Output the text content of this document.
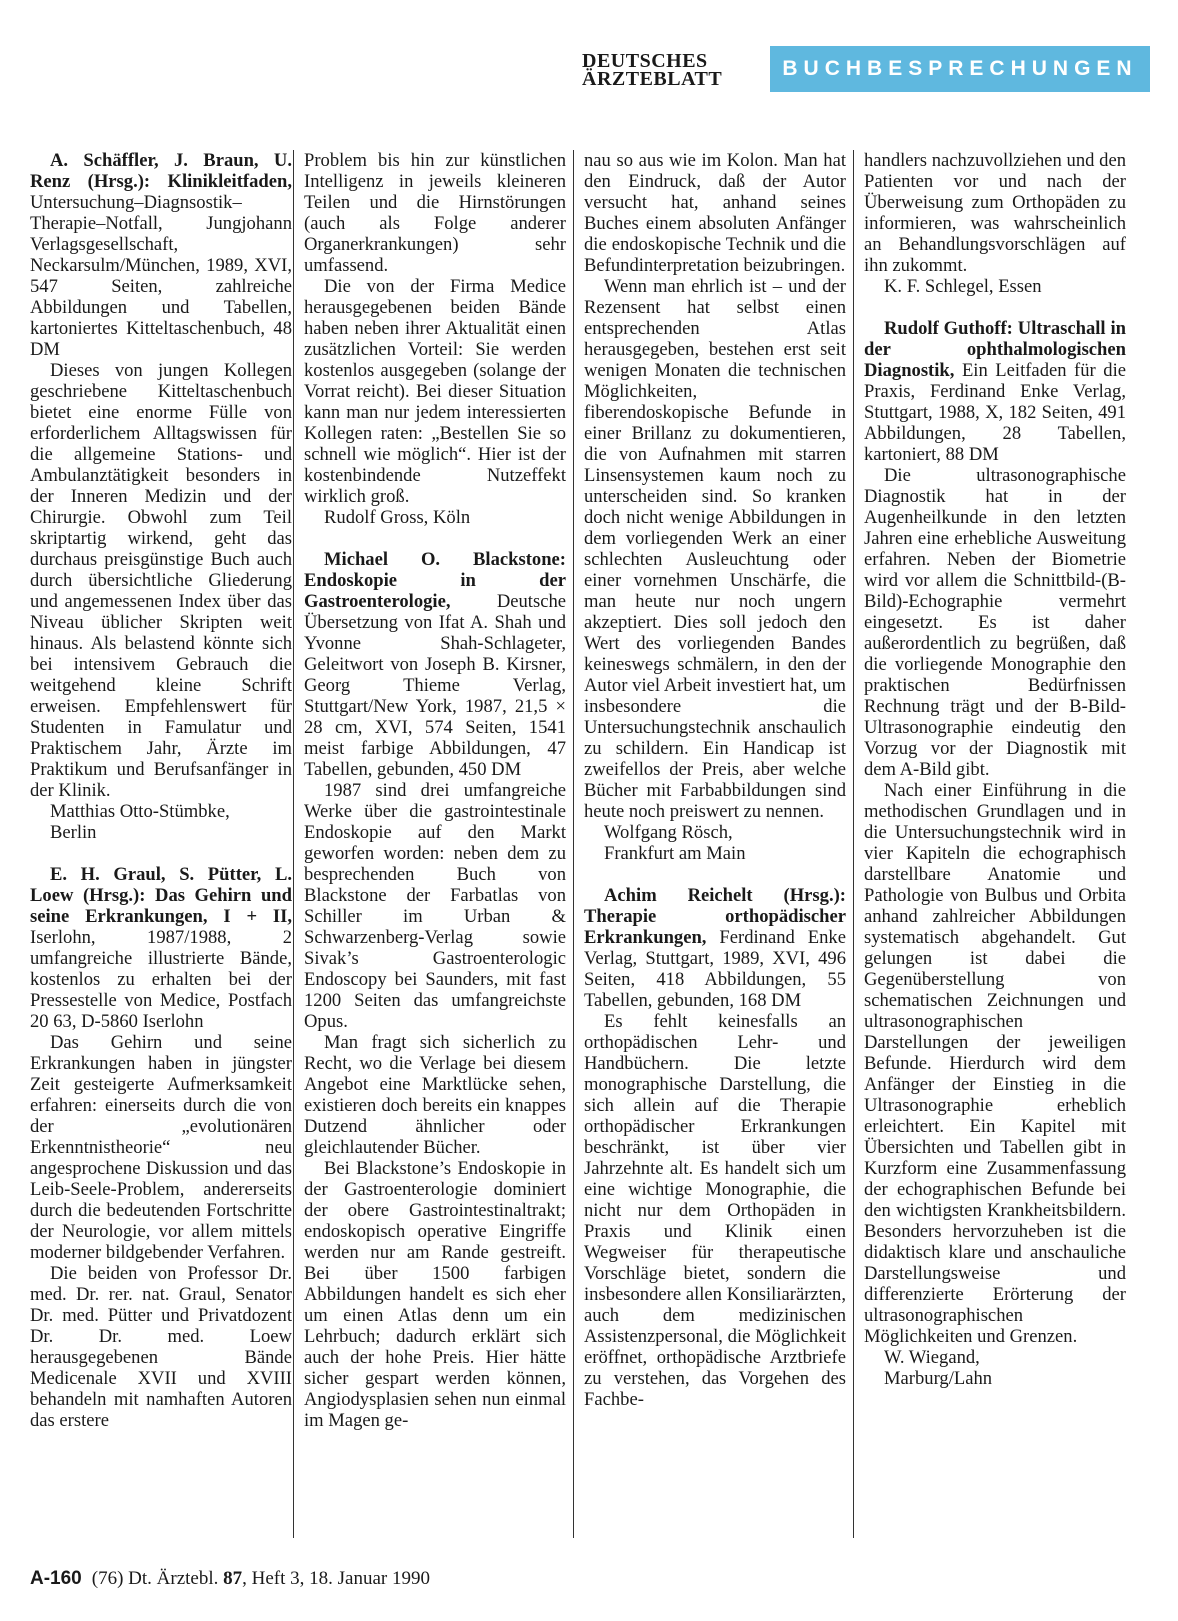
DEUTSCHES
ÄRZTEBLATT	BUCHBESPRECHUNGEN

A. Schäffler, J. Braun, U. Renz (Hrsg.): Klinikleitfaden, Untersuchung–Diagnsostik–Therapie–Notfall, Jungjohann Verlagsgesellschaft, Neckarsulm/München, 1989, XVI, 547 Seiten, zahlreiche Abbildungen und Tabellen, kartoniertes Kitteltaschenbuch, 48 DM

Dieses von jungen Kollegen geschriebene Kitteltaschenbuch bietet eine enorme Fülle von erforderlichem Alltagswissen für die allgemeine Stations- und Ambulanztätigkeit besonders in der Inneren Medizin und der Chirurgie. Obwohl zum Teil skriptartig wirkend, geht das durchaus preisgünstige Buch auch durch übersichtliche Gliederung und angemessenen Index über das Niveau üblicher Skripten weit hinaus. Als belastend könnte sich bei intensivem Gebrauch die weitgehend kleine Schrift erweisen. Empfehlenswert für Studenten in Famulatur und Praktischem Jahr, Ärzte im Praktikum und Berufsanfänger in der Klinik.

Matthias Otto-Stümbke,

Berlin

E. H. Graul, S. Pütter, L. Loew (Hrsg.): Das Gehirn und seine Erkrankungen, I + II, Iserlohn, 1987/1988, 2 umfangreiche illustrierte Bände, kostenlos zu erhalten bei der Pressestelle von Medice, Postfach 20 63, D-5860 Iserlohn

Das Gehirn und seine Erkrankungen haben in jüngster Zeit gesteigerte Aufmerksamkeit erfahren: einerseits durch die von der „evolutionären Erkenntnistheorie“ neu angesprochene Diskussion und das Leib-Seele-Problem, andererseits durch die bedeutenden Fortschritte der Neurologie, vor allem mittels moderner bildgebender Verfahren.

Die beiden von Professor Dr. med. Dr. rer. nat. Graul, Senator Dr. med. Pütter und Privatdozent Dr. Dr. med. Loew herausgegebenen Bände Medicenale XVII und XVIII behandeln mit namhaften Autoren das erstere

Problem bis hin zur künstlichen Intelligenz in jeweils kleineren Teilen und die Hirnstörungen (auch als Folge anderer Organerkrankungen) sehr umfassend.

Die von der Firma Medice herausgegebenen beiden Bände haben neben ihrer Aktualität einen zusätzlichen Vorteil: Sie werden kostenlos ausgegeben (solange der Vorrat reicht). Bei dieser Situation kann man nur jedem interessierten Kollegen raten: „Bestellen Sie so schnell wie möglich“. Hier ist der kostenbindende Nutzeffekt wirklich groß.

Rudolf Gross, Köln

Michael O. Blackstone: Endoskopie in der Gastroenterologie, Deutsche Übersetzung von Ifat A. Shah und Yvonne Shah-Schlageter, Geleitwort von Joseph B. Kirsner, Georg Thieme Verlag, Stuttgart/New York, 1987, 21,5 × 28 cm, XVI, 574 Seiten, 1541 meist farbige Abbildungen, 47 Tabellen, gebunden, 450 DM

1987 sind drei umfangreiche Werke über die gastrointestinale Endoskopie auf den Markt geworfen worden: neben dem zu besprechenden Buch von Blackstone der Farbatlas von Schiller im Urban & Schwarzenberg-Verlag sowie Sivak’s Gastroenterologic Endoscopy bei Saunders, mit fast 1200 Seiten das umfangreichste Opus.

Man fragt sich sicherlich zu Recht, wo die Verlage bei diesem Angebot eine Marktlücke sehen, existieren doch bereits ein knappes Dutzend ähnlicher oder gleichlautender Bücher.

Bei Blackstone’s Endoskopie in der Gastroenterologie dominiert der obere Gastrointestinaltrakt; endoskopisch operative Eingriffe werden nur am Rande gestreift. Bei über 1500 farbigen Abbildungen handelt es sich eher um einen Atlas denn um ein Lehrbuch; dadurch erklärt sich auch der hohe Preis. Hier hätte sicher gespart werden können, Angiodysplasien sehen nun einmal im Magen ge-

nau so aus wie im Kolon. Man hat den Eindruck, daß der Autor versucht hat, anhand seines Buches einem absoluten Anfänger die endoskopische Technik und die Befundinterpretation beizubringen.

Wenn man ehrlich ist – und der Rezensent hat selbst einen entsprechenden Atlas herausgegeben, bestehen erst seit wenigen Monaten die technischen Möglichkeiten, fiberendoskopische Befunde in einer Brillanz zu dokumentieren, die von Aufnahmen mit starren Linsensystemen kaum noch zu unterscheiden sind. So kranken doch nicht wenige Abbildungen in dem vorliegenden Werk an einer schlechten Ausleuchtung oder einer vornehmen Unschärfe, die man heute nur noch ungern akzeptiert. Dies soll jedoch den Wert des vorliegenden Bandes keineswegs schmälern, in den der Autor viel Arbeit investiert hat, um insbesondere die Untersuchungstechnik anschaulich zu schildern. Ein Handicap ist zweifellos der Preis, aber welche Bücher mit Farbabbildungen sind heute noch preiswert zu nennen.

Wolfgang Rösch,

Frankfurt am Main

Achim Reichelt (Hrsg.): Therapie orthopädischer Erkrankungen, Ferdinand Enke Verlag, Stuttgart, 1989, XVI, 496 Seiten, 418 Abbildungen, 55 Tabellen, gebunden, 168 DM

Es fehlt keinesfalls an orthopädischen Lehr- und Handbüchern. Die letzte monographische Darstellung, die sich allein auf die Therapie orthopädischer Erkrankungen beschränkt, ist über vier Jahrzehnte alt. Es handelt sich um eine wichtige Monographie, die nicht nur dem Orthopäden in Praxis und Klinik einen Wegweiser für therapeutische Vorschläge bietet, sondern die insbesondere allen Konsiliarärzten, auch dem medizinischen Assistenzpersonal, die Möglichkeit eröffnet, orthopädische Arztbriefe zu verstehen, das Vorgehen des Fachbe-

handlers nachzuvollziehen und den Patienten vor und nach der Überweisung zum Orthopäden zu informieren, was wahrscheinlich an Behandlungsvorschlägen auf ihn zukommt.

K. F. Schlegel, Essen

Rudolf Guthoff: Ultraschall in der ophthalmologischen Diagnostik, Ein Leitfaden für die Praxis, Ferdinand Enke Verlag, Stuttgart, 1988, X, 182 Seiten, 491 Abbildungen, 28 Tabellen, kartoniert, 88 DM

Die ultrasonographische Diagnostik hat in der Augenheilkunde in den letzten Jahren eine erhebliche Ausweitung erfahren. Neben der Biometrie wird vor allem die Schnittbild-(B-Bild)-Echographie vermehrt eingesetzt. Es ist daher außerordentlich zu begrüßen, daß die vorliegende Monographie den praktischen Bedürfnissen Rechnung trägt und der B-Bild-Ultrasonographie eindeutig den Vorzug vor der Diagnostik mit dem A-Bild gibt.

Nach einer Einführung in die methodischen Grundlagen und in die Untersuchungstechnik wird in vier Kapiteln die echographisch darstellbare Anatomie und Pathologie von Bulbus und Orbita anhand zahlreicher Abbildungen systematisch abgehandelt. Gut gelungen ist dabei die Gegenüberstellung von schematischen Zeichnungen und ultrasonographischen Darstellungen der jeweiligen Befunde. Hierdurch wird dem Anfänger der Einstieg in die Ultrasonographie erheblich erleichtert. Ein Kapitel mit Übersichten und Tabellen gibt in Kurzform eine Zusammenfassung der echographischen Befunde bei den wichtigsten Krankheitsbildern. Besonders hervorzuheben ist die didaktisch klare und anschauliche Darstellungsweise und differenzierte Erörterung der ultrasonographischen Möglichkeiten und Grenzen.

W. Wiegand,

Marburg/Lahn

A-160 (76) Dt. Ärztebl. 87, Heft 3, 18. Januar 1990
